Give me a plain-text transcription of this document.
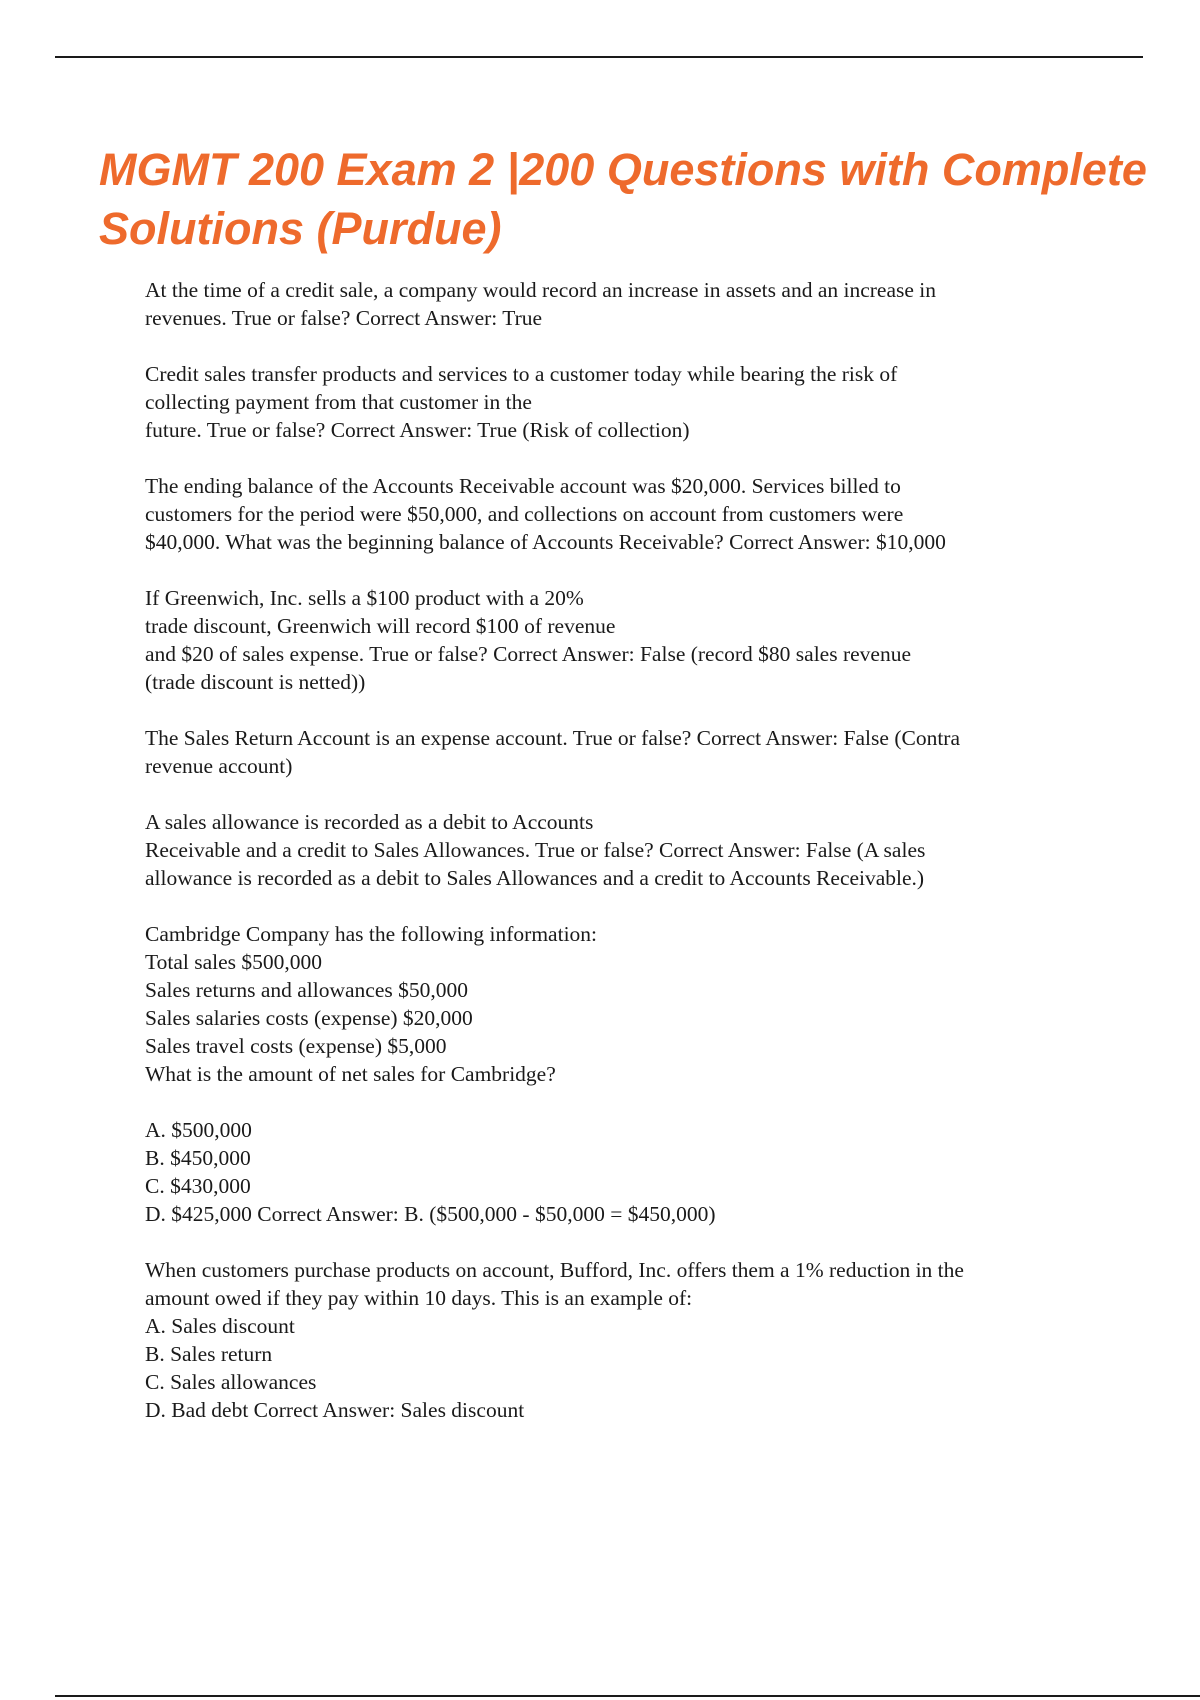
MGMT 200 Exam 2 |200 Questions with Complete
Solutions (Purdue)

At the time of a credit sale, a company would record an increase in assets and an increase in
revenues. True or false? Correct Answer: True

Credit sales transfer products and services to a customer today while bearing the risk of
collecting payment from that customer in the
future. True or false? Correct Answer: True (Risk of collection)

The ending balance of the Accounts Receivable account was $20,000. Services billed to
customers for the period were $50,000, and collections on account from customers were
$40,000. What was the beginning balance of Accounts Receivable? Correct Answer: $10,000

If Greenwich, Inc. sells a $100 product with a 20%
trade discount, Greenwich will record $100 of revenue
and $20 of sales expense. True or false? Correct Answer: False (record $80 sales revenue
(trade discount is netted))

The Sales Return Account is an expense account. True or false? Correct Answer: False (Contra
revenue account)

A sales allowance is recorded as a debit to Accounts
Receivable and a credit to Sales Allowances. True or false? Correct Answer: False (A sales
allowance is recorded as a debit to Sales Allowances and a credit to Accounts Receivable.)

Cambridge Company has the following information:
Total sales $500,000
Sales returns and allowances $50,000
Sales salaries costs (expense) $20,000
Sales travel costs (expense) $5,000
What is the amount of net sales for Cambridge?

A. $500,000
B. $450,000
C. $430,000
D. $425,000 Correct Answer: B. ($500,000 - $50,000 = $450,000)

When customers purchase products on account, Bufford, Inc. offers them a 1% reduction in the
amount owed if they pay within 10 days. This is an example of:
A. Sales discount
B. Sales return
C. Sales allowances
D. Bad debt Correct Answer: Sales discount
